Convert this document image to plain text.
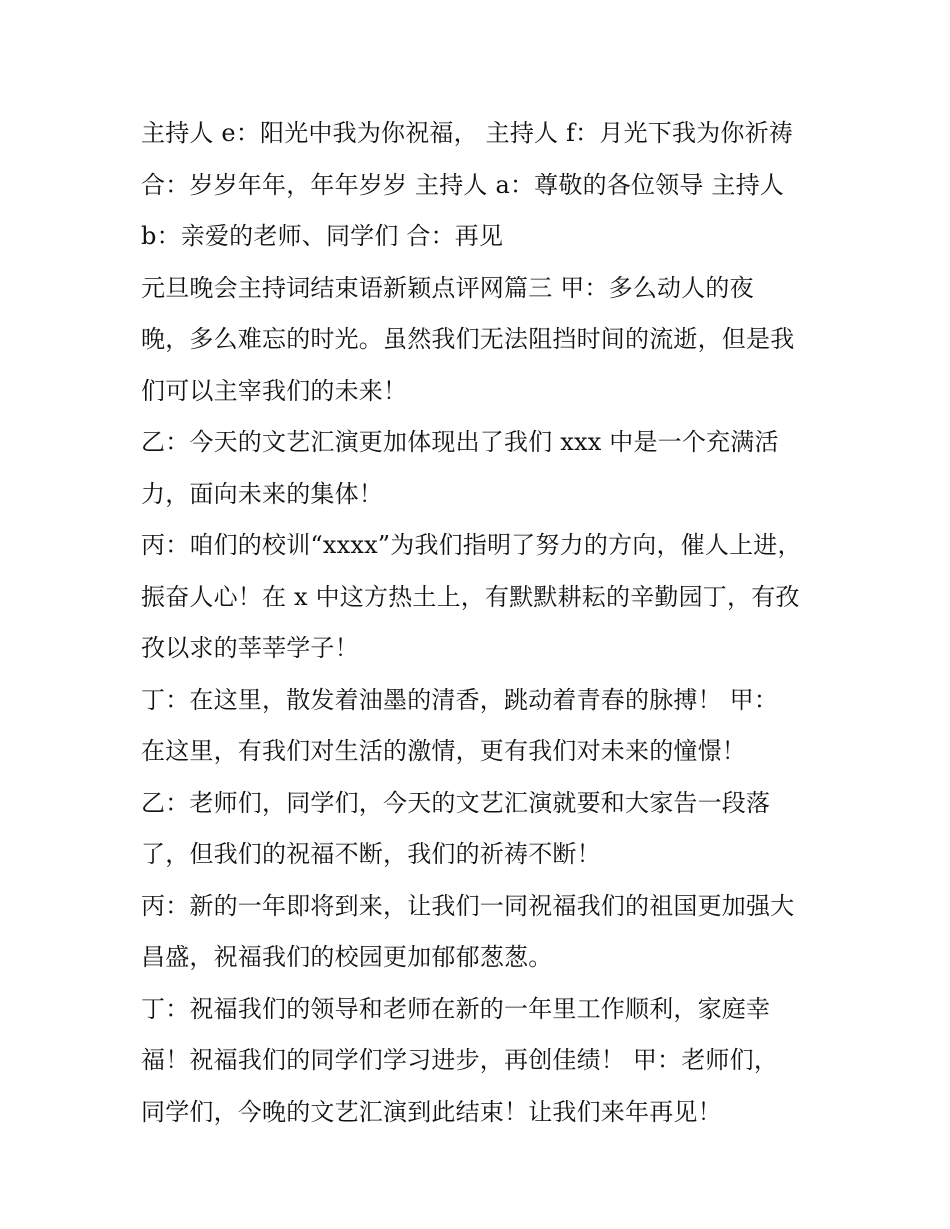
主持人 e：阳光中我为你祝福， 主持人 f：月光下我为你祈祷
合：岁岁年年，年年岁岁 主持人 a：尊敬的各位领导 主持人
b：亲爱的老师、同学们 合：再见
元旦晚会主持词结束语新颖点评网篇三 甲：多么动人的夜
晚，多么难忘的时光。虽然我们无法阻挡时间的流逝，但是我
们可以主宰我们的未来！
乙：今天的文艺汇演更加体现出了我们 xxx 中是一个充满活
力，面向未来的集体！
丙：咱们的校训“xxxx”为我们指明了努力的方向，催人上进，
振奋人心！在 x 中这方热土上，有默默耕耘的辛勤园丁，有孜
孜以求的莘莘学子！
丁：在这里，散发着油墨的清香，跳动着青春的脉搏！ 甲：
在这里，有我们对生活的激情，更有我们对未来的憧憬！
乙：老师们，同学们，今天的文艺汇演就要和大家告一段落
了，但我们的祝福不断，我们的祈祷不断！
丙：新的一年即将到来，让我们一同祝福我们的祖国更加强大
昌盛，祝福我们的校园更加郁郁葱葱。
丁：祝福我们的领导和老师在新的一年里工作顺利，家庭幸
福！祝福我们的同学们学习进步，再创佳绩！ 甲：老师们，
同学们，今晚的文艺汇演到此结束！让我们来年再见！
